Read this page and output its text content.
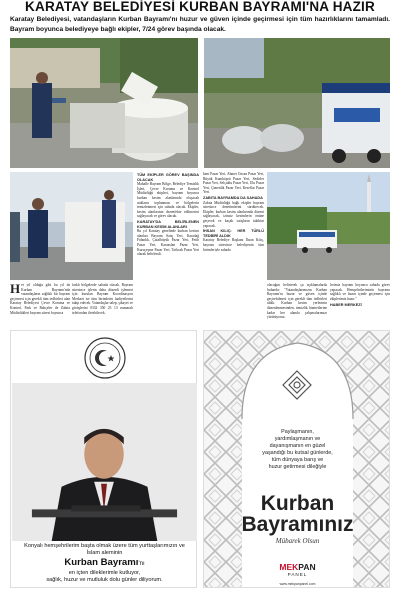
KARATAY BELEDİYESİ KURBAN BAYRAMI'NA HAZIR
Karatay Belediyesi, vatandaşların Kurban Bayramı'nı huzur ve güven içinde geçirmesi için tüm hazırlıklarını tamamladı. Bayram boyunca belediyeye bağlı ekipler, 7/24 görev başında olacak.
H er yıl olduğu gibi bu yıl da Kurban Bayramı'nda vatandaşların sağlıklı bir bayram geçirmesi için gerekli tüm tedbirleri alan Karatay Belediyesi Çevre Koruma ve Kontrol, Park ve Bahçeler ile Zabıta Müdürlükleri bayram süresi boyunca
farklı bölgelerde sahada olacak. Bayram süresince işlerin daha düzenli işlemesi için kurulan Bayram Koordinasyon Merkezi ise tüm birimlerin faaliyetlerini takip edecek. Vatandaşlar talep, şikayet ve görüşlerini 0332 350 23 13 numaralı telefondan iletebilecek.
TÜM EKİPLER GÖREV BAŞINDA OLACAK
Mahalle Bayram Bölge, Belediye Temizlik İşleri, Çevre Koruma ve Kontrol Müdürlüğü ekipleri, bayram boyunca kurban kesim alanlarında oluşacak atıkların toplanması ve bölgelerin temizlenmesi için sahada olacak. Ekipler, kesim alanlarının dezenfekte edilmesini sağlayacak ve görev alacak.
KARATAY'DA BELİRLENEN KURBAN KESİM ALANLARI
Bu yıl Karatay genelinde kurban kesimi alanları Bayram Satış Yeri, Karadağ Fidanlık, Çatalhüyük Pazar Yeri, Fetih Pazar Yeri, Karaaslan Pazar Yeri, Kuruçeşme Pazar Yeri, Tatlıcak Pazar Yeri olarak belirlendi.
kent Pazar Yeri, Ahmet Ozcan Pazar Yeri, Büyük Kumköprü Pazar Yeri, Sedirler Pazar Yeri, Selçuklu Pazar Yeri, Ulu Pazar Yeri, Çimenlik Pazar Yeri, Keseflar Pazar Yeri.
ZABITA BAYRAMDA DA SAHADA
Zabıta Müdürlüğü bağlı ekipler bayram süresince denetimlerini sürdürecek. Ekipler, kurban kesim alanlarında düzeni sağlayacak, izinsiz kesimlerin önüne geçecek ve kaçak satışların takibini yapacak.
İHSAN KILIÇ: HER TÜRLÜ TEDBİRİ ALDIK
Karatay Belediye Başkanı İhsan Kılıç, bayram süresince belediyenin tüm birimleriyle sahada
olacağını belirterek şu açıklamalarda bulundu: "Vatandaşlarımızın Kurban Bayramı'nı huzur ve güven içinde geçirebilmesi için gerekli tüm tedbirleri aldık. Kurban kesim yerlerinin düzenlenmesinden, temizlik hizmetlerine kadar her alanda çalışmalarımızı yürütüyoruz.
lerimiz bayram boyunca sahada görev yapacak. Hemşehrilerimizin bayramı sağlıklı ve huzur içinde geçirmesi için ekiplerimiz hazır."
HABER MERKEZİ
Konyalı hemşehrilerim başta olmak üzere tüm yurttaşlarımızın ve İslam aleminin
Kurban Bayramı'nı
en içten dileklerimle kutluyor,
sağlık, huzur ve mutluluk dolu günler diliyorum.
Paylaşmanın,
yardımlaşmanın ve
dayanışmanın en güzel
yaşandığı bu kutsal günlerde,
tüm dünyaya barış ve
huzur getirmesi dileğiyle
Kurban
Bayramınız
Mübarek Olsun
MEKPAN
PANEL
www.mekpanpanel.com
